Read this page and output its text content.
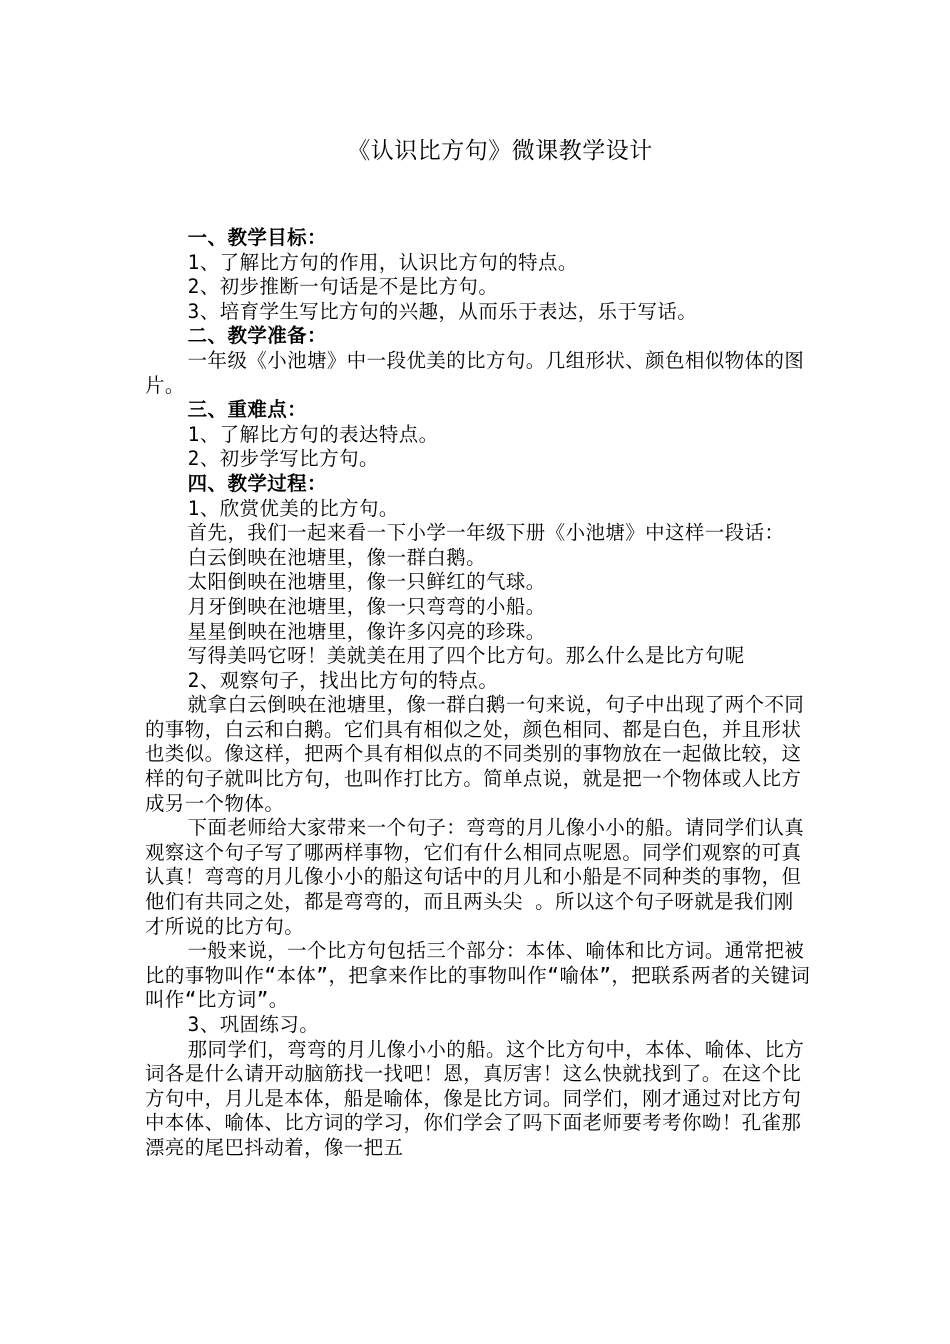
《认识比方句》微课教学设计

一、教学目标：

1、了解比方句的作用，认识比方句的特点。

2、初步推断一句话是不是比方句。

3、培育学生写比方句的兴趣，从而乐于表达，乐于写话。

二、教学准备：

一年级《小池塘》中一段优美的比方句。几组形状、颜色相似物体的图片。

三、重难点：

1、了解比方句的表达特点。

2、初步学写比方句。

四、教学过程：

1、欣赏优美的比方句。

首先，我们一起来看一下小学一年级下册《小池塘》中这样一段话：

白云倒映在池塘里，像一群白鹅。

太阳倒映在池塘里，像一只鲜红的气球。

月牙倒映在池塘里，像一只弯弯的小船。

星星倒映在池塘里，像许多闪亮的珍珠。

写得美吗它呀！美就美在用了四个比方句。那么什么是比方句呢

2、观察句子，找出比方句的特点。

就拿白云倒映在池塘里，像一群白鹅一句来说，句子中出现了两个不同的事物，白云和白鹅。它们具有相似之处，颜色相同、都是白色，并且形状也类似。像这样，把两个具有相似点的不同类别的事物放在一起做比较，这样的句子就叫比方句，也叫作打比方。简单点说，就是把一个物体或人比方成另一个物体。

下面老师给大家带来一个句子：弯弯的月儿像小小的船。请同学们认真观察这个句子写了哪两样事物，它们有什么相同点呢恩。同学们观察的可真认真！弯弯的月儿像小小的船这句话中的月儿和小船是不同种类的事物，但他们有共同之处，都是弯弯的，而且两头尖 。所以这个句子呀就是我们刚才所说的比方句。

一般来说，一个比方句包括三个部分：本体、喻体和比方词。通常把被比的事物叫作“本体”，把拿来作比的事物叫作“喻体”，把联系两者的关键词叫作“比方词”。

3、巩固练习。

那同学们，弯弯的月儿像小小的船。这个比方句中，本体、喻体、比方词各是什么请开动脑筋找一找吧！恩，真厉害！这么快就找到了。在这个比方句中，月儿是本体，船是喻体，像是比方词。同学们，刚才通过对比方句中本体、喻体、比方词的学习，你们学会了吗下面老师要考考你呦！孔雀那漂亮的尾巴抖动着，像一把五
